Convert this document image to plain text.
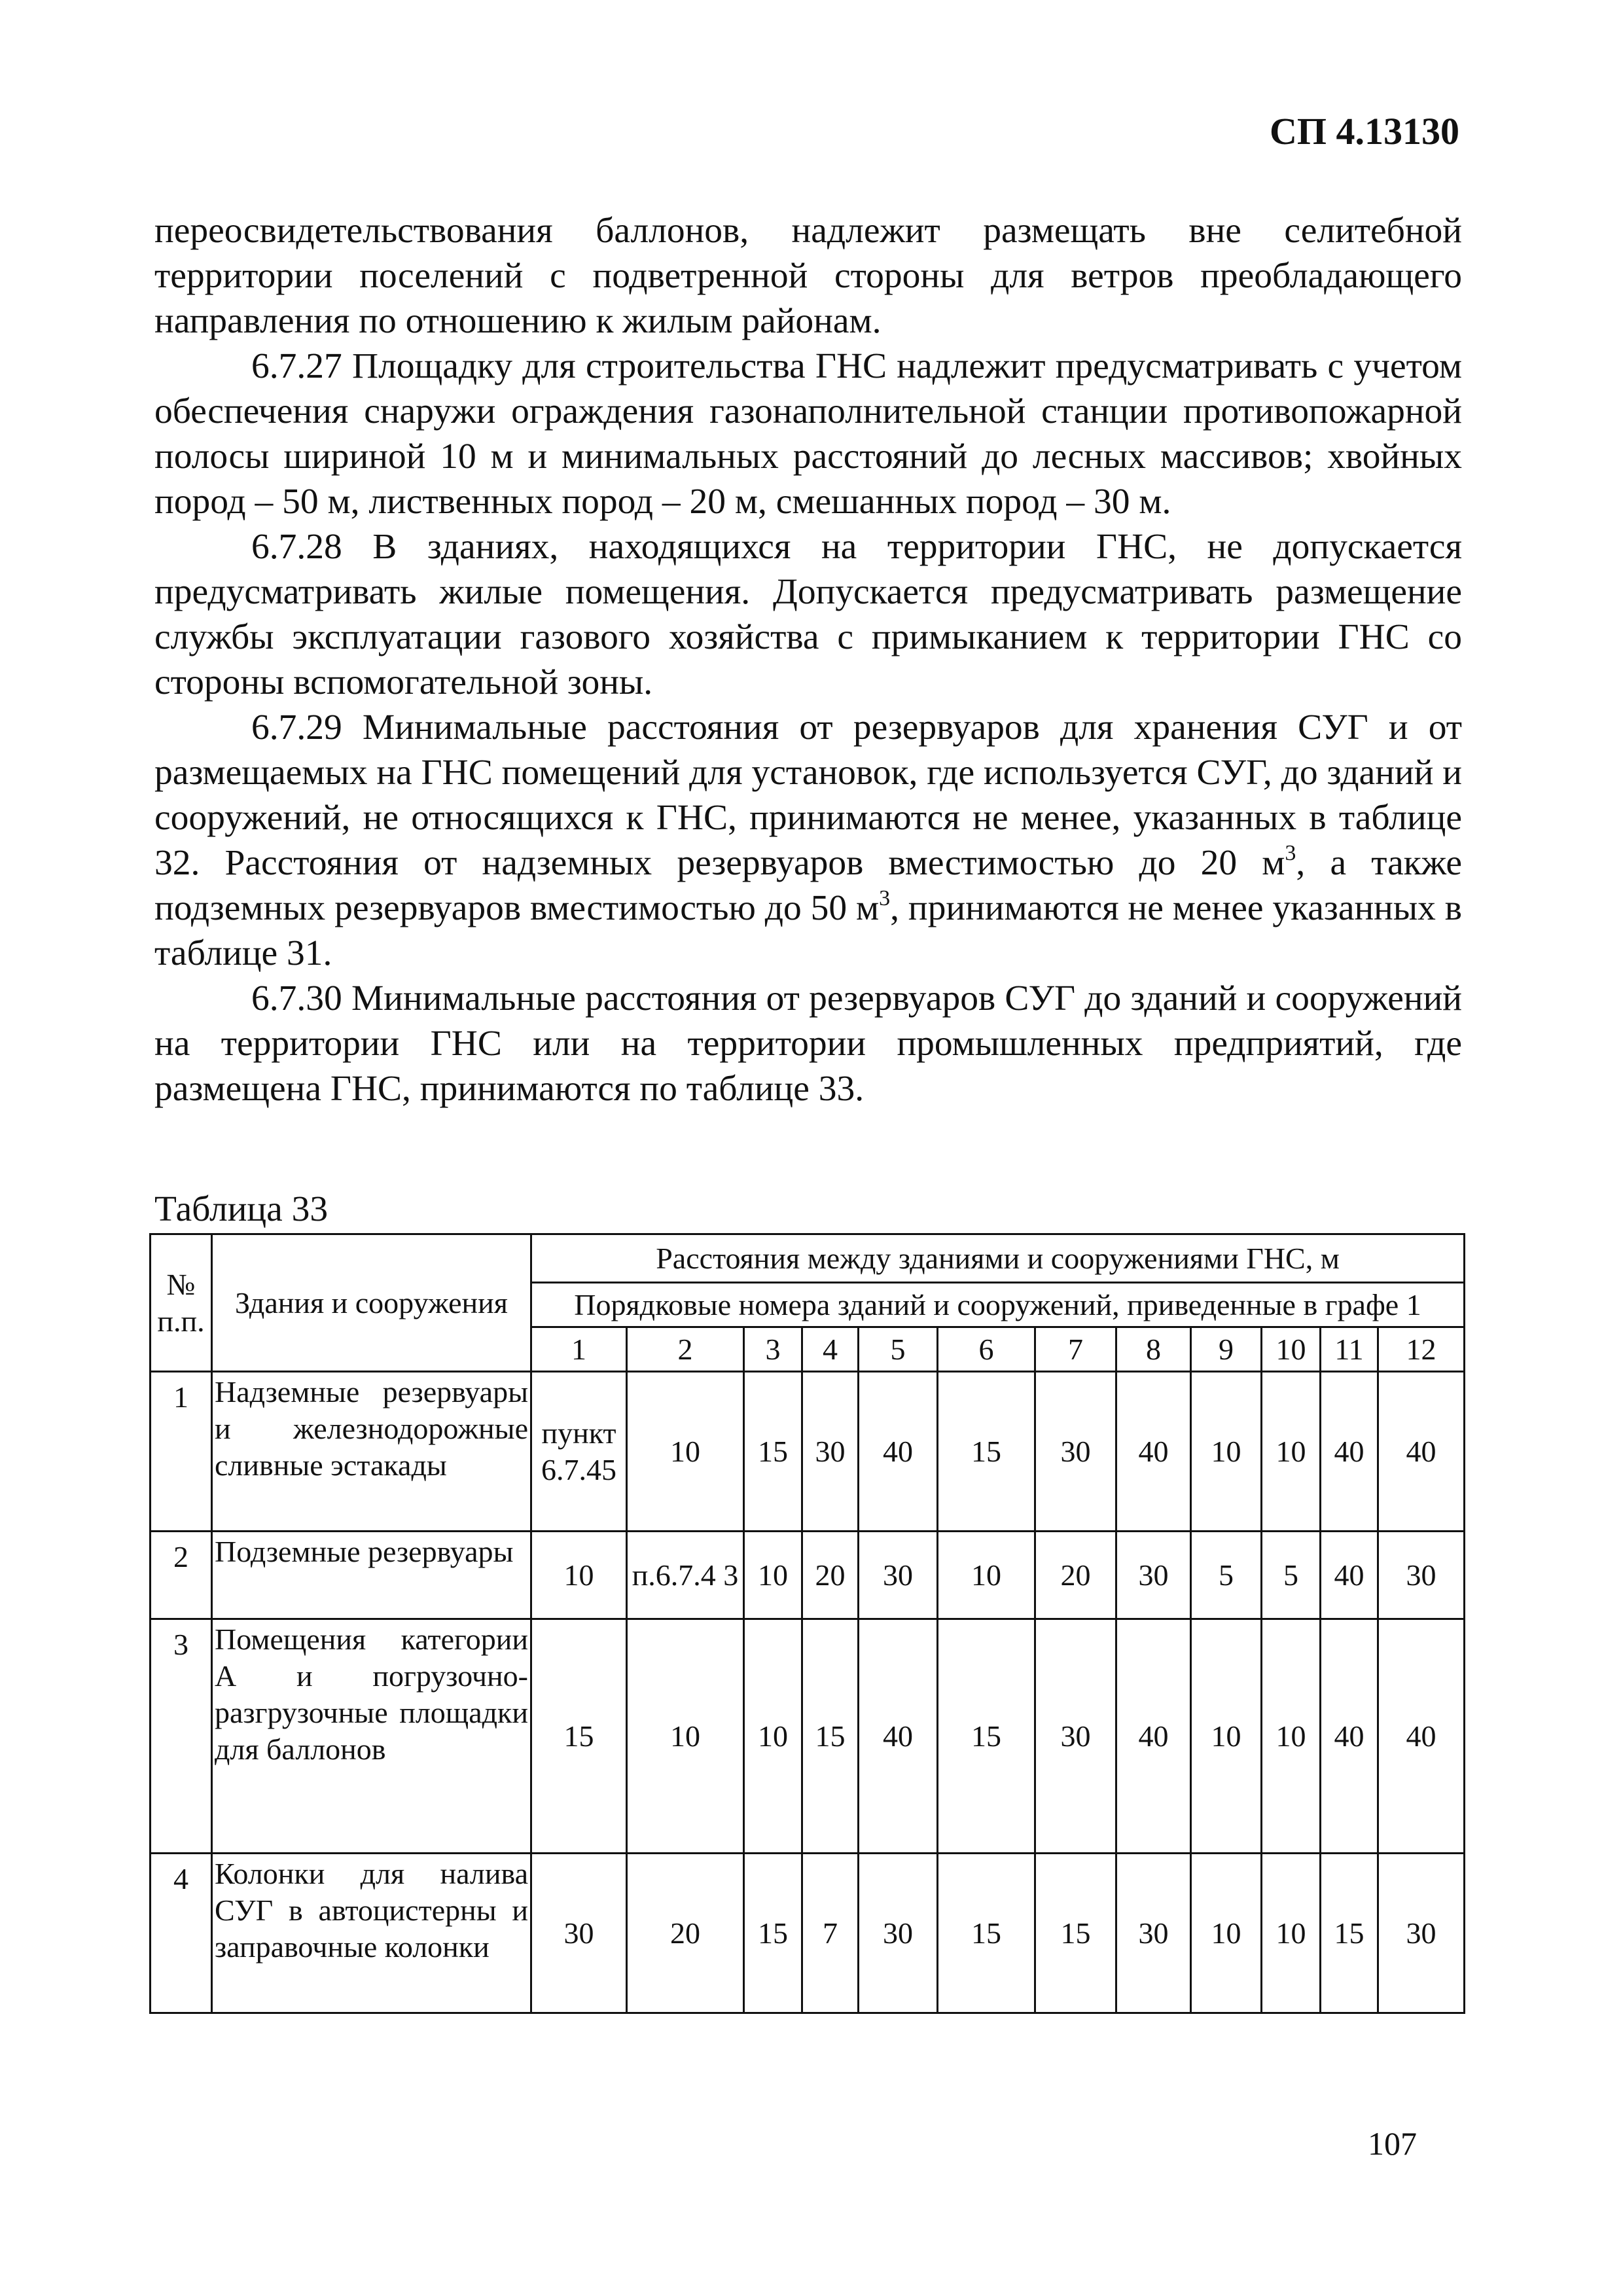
СП 4.13130

переосвидетельствования баллонов, надлежит размещать вне селитебной территории поселений с подветренной стороны для ветров преобладающего направления по отношению к жилым районам.

6.7.27 Площадку для строительства ГНС надлежит предусматривать с учетом обеспечения снаружи ограждения газонаполнительной станции противопожарной полосы шириной 10 м и минимальных расстояний до лесных массивов; хвойных пород – 50 м, лиственных пород – 20 м, смешанных пород – 30 м.

6.7.28 В зданиях, находящихся на территории ГНС, не допускается предусматривать жилые помещения. Допускается предусматривать размещение службы эксплуатации газового хозяйства с примыканием к территории ГНС со стороны вспомогательной зоны.

6.7.29 Минимальные расстояния от резервуаров для хранения СУГ и от размещаемых на ГНС помещений для установок, где используется СУГ, до зданий и сооружений, не относящихся к ГНС, принимаются не менее, указанных в таблице 32. Расстояния от надземных резервуаров вместимостью до 20 $м^3$, а также подземных резервуаров вместимостью до 50 $м^3$, принимаются не менее указанных в таблице 31.

6.7.30 Минимальные расстояния от резервуаров СУГ до зданий и сооружений на территории ГНС или на территории промышленных предприятий, где размещена ГНС, принимаются по таблице 33.

Таблица 33
№ п.п.	Здания и сооружения	Расстояния между зданиями и сооружениями ГНС, м											
		Порядковые номера зданий и сооружений, приведенные в графе 1											
		1	2	3	4	5	6	7	8	9	10	11	12
1	Надземные резервуары и железнодорожные сливные эстакады	пункт 6.7.45	10	15	30	40	15	30	40	10	10	40	40
2	Подземные резервуары	10	п.6.7.4 3	10	20	30	10	20	30	5	5	40	30
3	Помещения категории А и погрузочно-разгрузочные площадки для баллонов	15	10	10	15	40	15	30	40	10	10	40	40
4	Колонки для налива СУГ в автоцистерны и заправочные колонки	30	20	15	7	30	15	15	30	10	10	15	30
107
